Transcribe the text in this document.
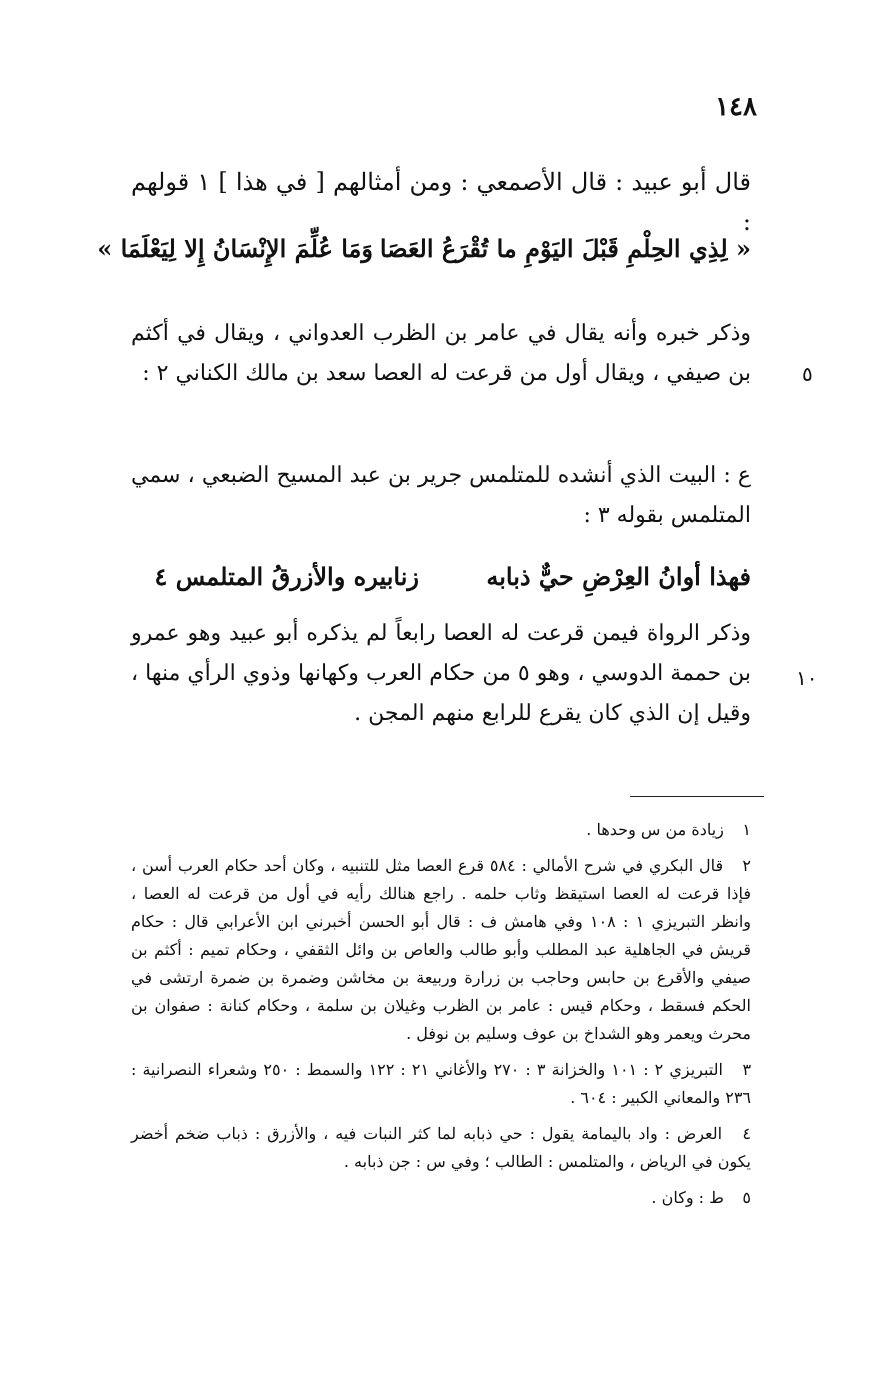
١٤٨
قال أبو عبيد : قال الأصمعي : ومن أمثالهم [ في هذا ] ١ قولهم :
« لِذِي الحِلْمِ قَبْلَ اليَوْمِ ما تُقْرَعُ العَصَا
وَمَا عُلِّمَ الإِنْسَانُ إِلا لِيَعْلَمَا »
وذكر خبره وأنه يقال في عامر بن الظرب العدواني ، ويقال في أكثم بن صيفي ، ويقال أول من قرعت له العصا سعد بن مالك الكناني ٢ :	٥
ع : البيت الذي أنشده للمتلمس جرير بن عبد المسيح الضبعي ، سمي المتلمس بقوله ٣ :
فهذا أوانُ العِرْضِ حيٌّ ذبابه
زنابيره والأزرقُ المتلمس ٤
وذكر الرواة فيمن قرعت له العصا رابعاً لم يذكره أبو عبيد وهو عمرو بن حممة الدوسي ، وهو ٥ من حكام العرب وكهانها وذوي الرأي منها ، وقيل إن الذي كان يقرع للرابع منهم المجن .
١٠
١ زيادة من س وحدها .
٢ قال البكري في شرح الأمالي : ٥٨٤ قرع العصا مثل للتنبيه ، وكان أحد حكام العرب أسن ، فإذا قرعت له العصا استيقظ وثاب حلمه . راجع هنالك رأيه في أول من قرعت له العصا ، وانظر التبريزي ١ : ١٠٨ وفي هامش ف : قال أبو الحسن أخبرني ابن الأعرابي قال : حكام قريش في الجاهلية عبد المطلب وأبو طالب والعاص بن وائل الثقفي ، وحكام تميم : أكثم بن صيفي والأقرع بن حابس وحاجب بن زرارة وربيعة بن مخاشن وضمرة بن ضمرة ارتشى في الحكم فسقط ، وحكام قيس : عامر بن الظرب وغيلان بن سلمة ، وحكام كنانة : صفوان بن محرث ويعمر وهو الشداخ بن عوف وسليم بن نوفل .
٣ التبريزي ٢ : ١٠١ والخزانة ٣ : ٢٧٠ والأغاني ٢١ : ١٢٢ والسمط : ٢٥٠ وشعراء النصرانية : ٢٣٦ والمعاني الكبير : ٦٠٤ .
٤ العرض : واد باليمامة يقول : حي ذبابه لما كثر النبات فيه ، والأزرق : ذباب ضخم أخضر يكون في الرياض ، والمتلمس : الطالب ؛ وفي س : جن ذبابه .
٥ ط : وكان .
